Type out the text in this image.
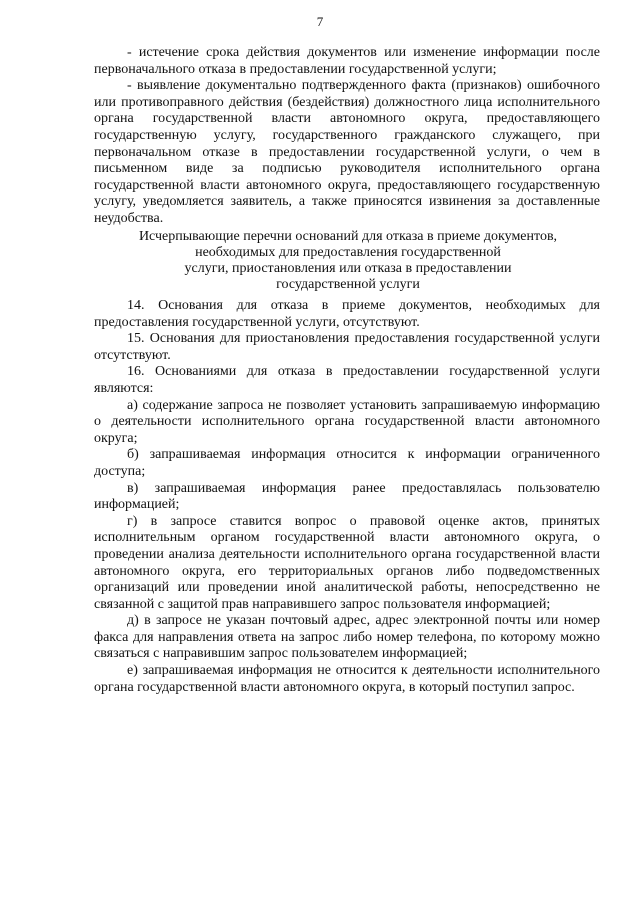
7

- истечение срока действия документов или изменение информации после первоначального отказа в предоставлении государственной услуги;

- выявление документально подтвержденного факта (признаков) ошибочного или противоправного действия (бездействия) должностного лица исполнительного органа государственной власти автономного округа, предоставляющего государственную услугу, государственного гражданского служащего, при первоначальном отказе в предоставлении государственной услуги, о чем в письменном виде за подписью руководителя исполнительного органа государственной власти автономного округа, предоставляющего государственную услугу, уведомляется заявитель, а также приносятся извинения за доставленные неудобства.

Исчерпывающие перечни оснований для отказа в приеме документов,
необходимых для предоставления государственной
услуги, приостановления или отказа в предоставлении
государственной услуги

14. Основания для отказа в приеме документов, необходимых для предоставления государственной услуги, отсутствуют.

15. Основания для приостановления предоставления государственной услуги отсутствуют.

16. Основаниями для отказа в предоставлении государственной услуги являются:

а) содержание запроса не позволяет установить запрашиваемую информацию о деятельности исполнительного органа государственной власти автономного округа;

б) запрашиваемая информация относится к информации ограниченного доступа;

в) запрашиваемая информация ранее предоставлялась пользователю информацией;

г) в запросе ставится вопрос о правовой оценке актов, принятых исполнительным органом государственной власти автономного округа, о проведении анализа деятельности исполнительного органа государственной власти автономного округа, его территориальных органов либо подведомственных организаций или проведении иной аналитической работы, непосредственно не связанной с защитой прав направившего запрос пользователя информацией;

д) в запросе не указан почтовый адрес, адрес электронной почты или номер факса для направления ответа на запрос либо номер телефона, по которому можно связаться с направившим запрос пользователем информацией;

е) запрашиваемая информация не относится к деятельности исполнительного органа государственной власти автономного округа, в который поступил запрос.
